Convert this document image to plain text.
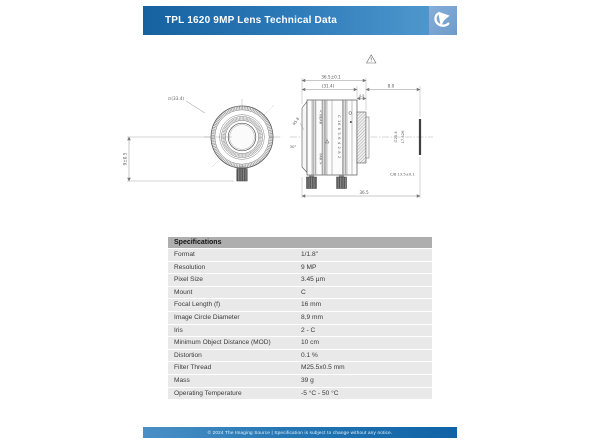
TPL 1620 9MP Lens Technical Data
∅(33.4)
9±0.5
< NEAR
FAR >
C 16 8 5.6 4 2.8 2
36.5±0.1
(31.4)	8.0
4.5
R5.8
30°
∅25.4 17.526
36.5
C/B 13.5±0.1
Specifications
Format	1/1.8"
Resolution	9 MP
Pixel Size	3.45 µm
Mount	C
Focal Length (f)	16 mm
Image Circle Diameter	8,9 mm
Iris	2 - C
Minimum Object Distance (MOD)	10 cm
Distortion	0.1 %
Filter Thread	M25.5x0.5 mm
Mass	39 g
Operating Temperature	-5 °C - 50 °C
© 2024 The Imaging Source | Specification is subject to change without any notice.
